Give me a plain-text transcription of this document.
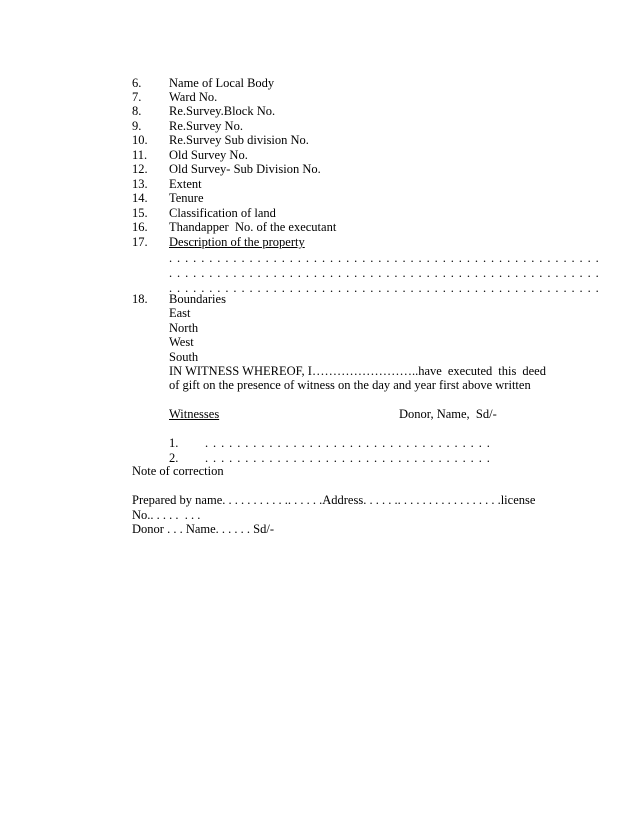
6. Name of Local Body
7. Ward No.
8. Re.Survey.Block No.
9. Re.Survey No.
10. Re.Survey Sub division No.
11. Old Survey No.
12. Old Survey- Sub Division No.
13. Extent
14. Tenure
15. Classification of land
16. Thandapper  No. of the executant
17. Description of the property
. . . . . . . . . . . . . . . . . . . . . . . . . . . . . . . . . . . . . . . . . . . . . . . . . . . . . .
. . . . . . . . . . . . . . . . . . . . . . . . . . . . . . . . . . . . . . . . . . . . . . . . . . . . . .
. . . . . . . . . . . . . . . . . . . . . . . . . . . . . . . . . . . . . . . . . . . . . . . . . . . . . .
18. Boundaries
East
North
West
South
IN WITNESS WHEREOF, I……………………..have executed this deed
of gift on the presence of witness on the day and year first above written
Witnesses	Donor, Name,  Sd/-
1. . . . . . . . . . . . . . . . . . . . . . . . . . . . . . . . . . . . .
2. . . . . . . . . . . . . . . . . . . . . . . . . . . . . . . . . . . . .
Note of correction
Prepared by name. . . . . . . . . . .. . . . . .Address. . . . . .. . . . . . . . . . . . . . . . .license
No.. . . . .  . . .
Donor . . . Name. . . . . . Sd/-
